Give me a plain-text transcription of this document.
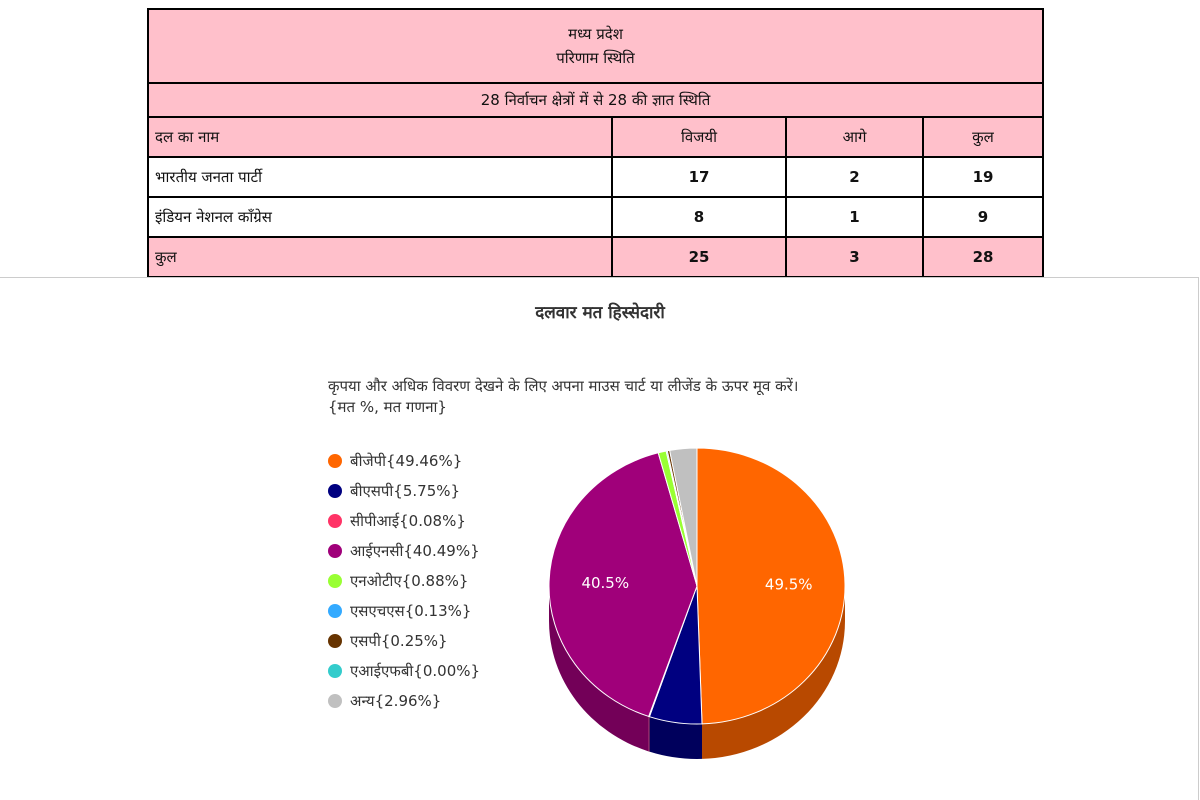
मध्य प्रदेश
परिणाम स्थिति			

28 निर्वाचन क्षेत्रों में से 28 की ज्ञात स्थिति			
दल का नाम	विजयी	आगे	कुल
भारतीय जनता पार्टी	17	2	19
इंडियन नेशनल कॉंग्रेस	8	1	9
कुल	25	3	28
दलवार मत हिस्सेदारी
कृपया और अधिक विवरण देखने के लिए अपना माउस चार्ट या लीजेंड के ऊपर मूव करें।
{मत %, मत गणना}
बीजेपी{49.46%}
बीएसपी{5.75%}
सीपीआई{0.08%}
आईएनसी{40.49%}
एनओटीए{0.88%}
एसएचएस{0.13%}
एसपी{0.25%}
एआईएफबी{0.00%}
अन्य{2.96%}
49.5%
40.5%
